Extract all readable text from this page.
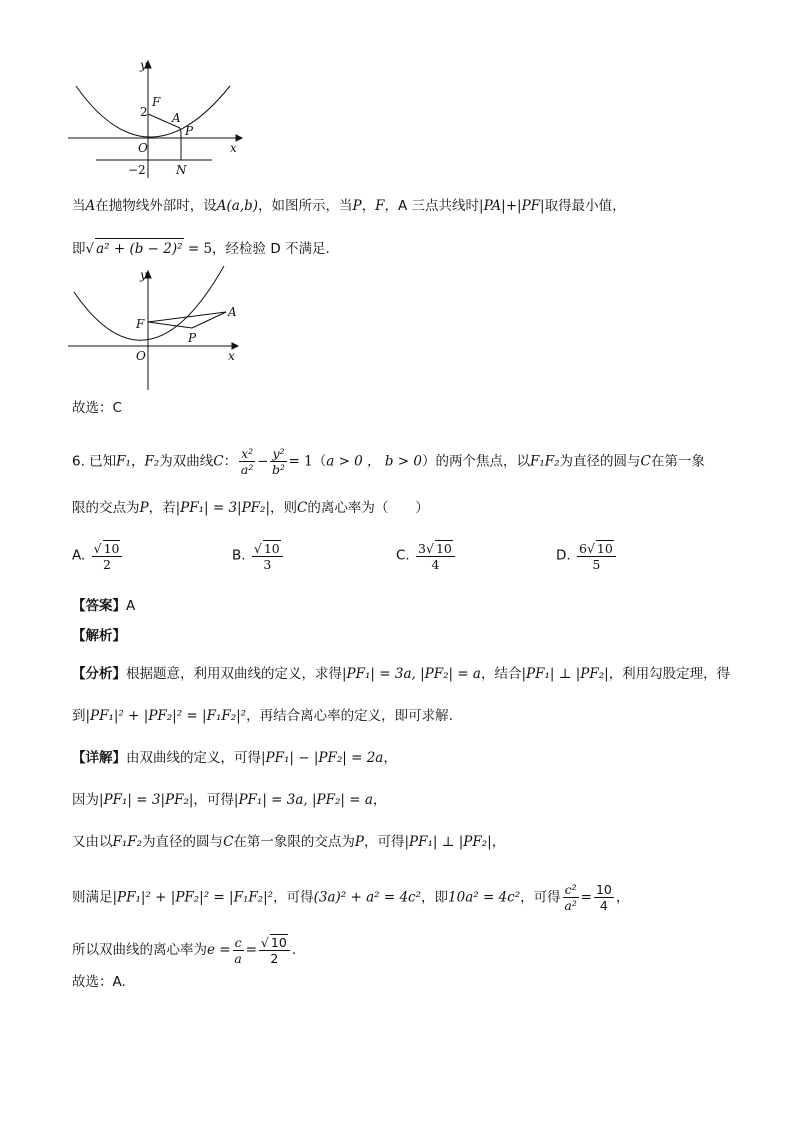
y
x
F
A
P
N
O
2
−2
当A在抛物线外部时，设A(a,b)，如图所示，当P，F，A 三点共线时|PA|+|PF|取得最小值，
即√ a² + (b − 2)² = 5，经检验 D 不满足.
y
x
F
A
P
O
故选：C
6. 已知F₁，F₂为双曲线C： $\frac{\text{x²}}{\text{a²}} - \frac{\text{y²}}{\text{b²}} = 1(a > 0$ ， b > 0）的两个焦点，以F₁F₂为直径的圆与C在第一象
限的交点为P，若|PF₁| = 3|PF₂|，则C的离心率为（　　）
A. $\frac{√ 10}{2}$	B. $\frac{√ 10}{3}$	C. $\frac{3√ 10}{4}$	D. $\frac{6√ 10}{5}$
【答案】A
【解析】
【分析】根据题意，利用双曲线的定义，求得|PF₁| = 3a, |PF₂| = a，结合|PF₁| ⊥ |PF₂|，利用勾股定理，得
到|PF₁|² + |PF₂|² = |F₁F₂|²，再结合离心率的定义，即可求解.
【详解】由双曲线的定义，可得|PF₁| − |PF₂| = 2a，
因为|PF₁| = 3|PF₂|，可得|PF₁| = 3a, |PF₂| = a，
又由以F₁F₂为直径的圆与C在第一象限的交点为P，可得|PF₁| ⊥ |PF₂|，
则满足|PF₁|² + |PF₂|² = |F₁F₂|²，可得(3a)² + a² = 4c²，即10a² = 4c²，可得 $\frac{\text{c²}}{\text{a²}} = \frac{10}{4}$ ，
所以双曲线的离心率为$e = \frac{c}{a} = \frac{√ 10}{2}$ .
故选：A.
